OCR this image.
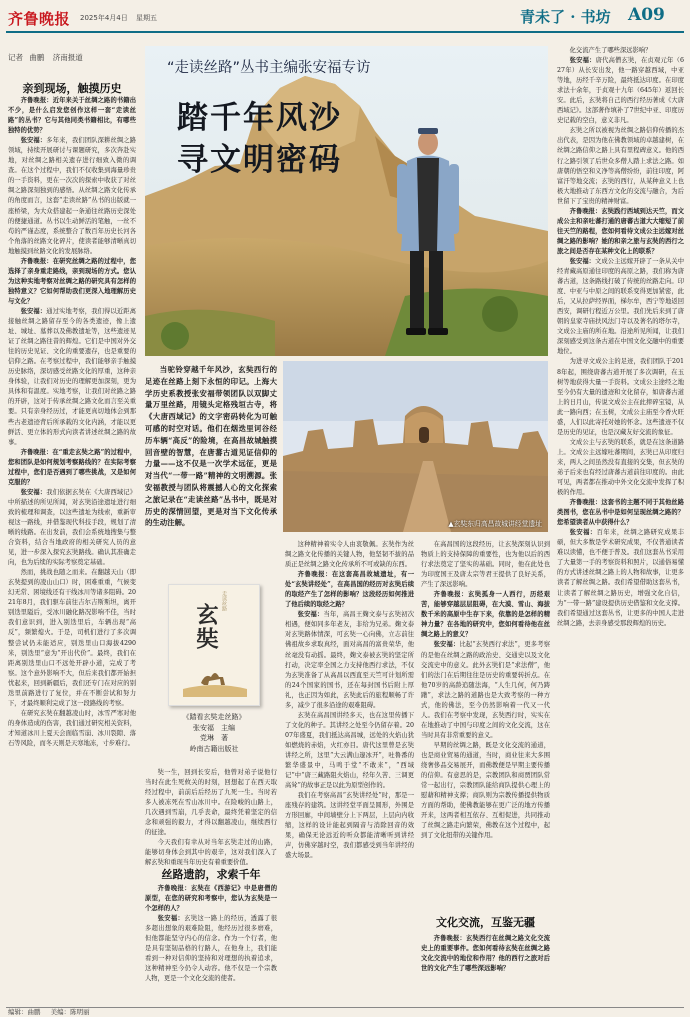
齐鲁晚报 2025年4月4日 星期五	青未了 · 书坊 A09
记者 曲鹏 济南报道
“走读丝路”丛书主编张安福专访
踏千年风沙
寻文明密码
亲到现场，触摸历史

齐鲁晚报：近年来关于丝绸之路的书籍出不少，是什么启发您创作这样一套“走读丝路”的丛书？它与其他同类书籍相比，有哪些独特的优势？

张安福：多年来，我们团队深耕丝绸之路领域，持续开展研讨与课题研究，多次奔赴实地，对丝绸之路相关遗存进行细致入微的调查。在这个过程中，我们不仅收集到海量珍贵的一手资料，更在一次次的探索中收获了对丝绸之路深刻独到的感悟。从丝绸之路文化传承的角度而言，这套“走读丝路”丛书的出版就一座桥梁，为大众搭建起一条通往丝路历史深处的便捷通道。丛书以生动鲜活的笔触，一丝不苟的严谨态度，系统整合了数百年历史长河各个角落的丝路文化碎片，使读者能够清晰真切地触摸到丝路文化的发展脉络。

齐鲁晚报：在研究丝绸之路的过程中，您选择了亲身重走路线，亲到现场的方式。您认为这种实地考察对丝绸之路的研究具有怎样的独特意义？它如何帮助我们更深入地理解历史与文化？

张安福：通过实地考察，我们得以近距离接触丝绸之路留存至今的各类遗迹，像上遗址、城址、墓葬以及佛教遗址等，这些遗迹见证了丝绸之路往昔的辉煌。它们是中国对外交往的历史见证、文化的重要遗存，也是重要的信仰之路。在考察过程中，我们能够亲手触摸历史脉络，深切感受丝路文化的厚重，这种亲身体验，让我们对历史的理解更加深刻，更为具体和有温度。实地考察，让我们对丝路之路的开辟，这对于传承丝绸之路文化而言至关重要。只有亲身经历过，才能更真切地体会到那些古老遗迹背后所承载的文化内涵，才能以更鲜活、更立体的形式向读者讲述丝绸之路的故事。

齐鲁晚报：在“重走玄奘之路”的过程中，您和团队是如何规划考察路线的？在实际考察过程中，您们是否遇到了哪些挑战，又是如何克服的？

张安福：我们依据玄奘在《大唐西域记》中所描述的所见所闻，对玄奘沿途遗址进行细致的梳理和调查，以这些遗址为线索，重新审视这一路线，并借鉴现代科技手段，规划了清晰的线路。在出发前，我们会系统地搜集与整合资料，结合当地政府的相关研究人员的意见，进一步深入探究玄奘路线。确认其准确走向，也为后续的实际考察奠定基础。

然而，挑战也随之而来。在翻越天山（即玄奘提到的凌山山口）时，困难重重，气候变幻无常、困境线还有干线冰川等诸多阻碍。2021年8月，我们驱车前往吉尔吉斯斯坦，离开别迭里隘后，受冰川融化路况影响不佳，当时我们意识到，进入别迭里后，车辆出现“高反”，频繁熄火。于是，司机们进行了多次调整尝试仍未能适应，别迭里山口海拔4290米，别迭里“意为“开出代价”。最终，我们在距离别迭里山口不远处开辟小道，完成了考察。这个意外影响不大，但后来我们都开始担忧起来，回到新疆后，我们还专门在对应的别迭里前路进行了复位，并在不断尝试和努力下，才最终顺利完成了这一段路线的考察。

在研究玄奘在翻越凌山时，冰雪严寒对他的身体造成的伤害，我们通过研究相关资料，才知道冰川上夏天会面临雪崩、冰川裂隙、落石等风险，而冬天则是天寒地冻，寸步难行。

当驼铃穿越千年风沙，玄奘西行的足迹在丝路上刻下永恒的印记。上海大学历史系教授张安福带领团队以双脚丈量万里丝路，用镜头定格残垣古寺，将《大唐西域记》的文字密码转化为可触可感的时空对话。他们在烟迭里诃谷经历车辆“高反”的险境，在高昌故城触摸回音壁的智慧，在唐蕃古道见证信仰的力量——这不仅是一次学术远征，更是对当代“一带一路”精神的文明溯源。张安福教授与团队将震撼人心的文化探索之旅记录在“走读丝路”丛书中，既是对历史的深情回望，更是对当下文化传承的生动注解。	▲玄奘东归高昌故城讲经堂遗址
走读丝路
玄奘
《踏看玄奘走丝路》
张安福　主编
党琳　著
岭南古籍出版社

奘一生，回到长安后，他曾对弟子说他行当时在此生死攸关的时刻，回想起了在西天取经过程中，前前后后经历了九死一生。当时若多人被冻死在雪山冰川中。在险峻的山路上，几次遇到雪崩，几乎丧命，最终凭着坚定的信念和顽强的毅力，才得以翻越凌山，继续西行的征途。

今天我们有幸从对当年玄奘走过的山路，能够切身体会到其中的艰辛，这对我们深入了解玄奘和重现当年历史有着重要价值。

丝路遗韵，求索千年

齐鲁晚报：玄奘在《西游记》中是唐僧的原型，在您的研究和考察中，您认为玄奘是一个怎样的人？

张安福：玄奘这一路上的经历，透露了很多超出想象的艰难险阻，他经历过很多磨难，但他都能坚守内心的信念。作为一个行者，他是具有坚韧品格的行路人，在他身上，我们能看到一种对信仰的坚持和对理想的执着追求，这种精神至今仍令人动容。他不仅是一个宗教人物，更是一个文化交流的使者。

这种精神着实令人由衷敬佩。玄奘作为丝绸之路文化传播的关键人物，他坚韧不拔的品质正是丝绸之路文化传承所不可或缺的东西。

齐鲁晚报：在这套高昌故城遗址，有一处“玄奘讲经处”，在高昌国的经历对玄奘后续的取经产生了怎样的影响？这段经历如何推进了他后续的取经之路？

张安福：当年，高昌王麹文泰与玄奘初次相遇，便如同多年老友，非给为兄弟。麹文泰对玄奘路体情深，可玄奘一心向佛，立志前往佛祖故乡求取真经，面对高昌的富贵荣华，他丝毫没有动摇。最终，麹文泰被玄奘的坚定所打动，决定率全国之力支持他西行求法，不仅为玄奘准备了从高昌以西直至天竺可计划所需的24个国家的国书，还在每封国书后附上厚礼，也正因为如此，玄奘此后的旅程顺畅了许多，减少了很多沿途的艰难阻碍。

玄奘在高昌国讲经多天，也在这里传播下了文化的种子。其讲经之处至今仍留存着。2007年盛夏，我们抵达高昌城，远处的火焰山犹如燃烧的赤焰，火红亦目。唐代这里曾是玄奘讲经之所，这里“大云满山邃冰开”，吐鲁番的繁华盛景中，马鸣于堂“不敢来”，“西域记”中“唐三藏路阻火焰山，经年久苦、三调更高耸”的故事正是以此为原型创作的。

我们在考察高昌“玄奘讲经处”时，那是一座残存的建筑。这讲经堂平面呈圆形，外围是方形回廊，中间墙壁分上下两层，上层向内收缩，这样的设计能起到隔音与消除回音的效果，确保无论远近的听众都能清晰听到讲经声，仿佛穿越时空，我们都感受到当年讲经的盛大场景。

在高昌国的这段经历，让玄奘深刻认识到物质上的支持保障的重要性，也为他以后的西行求法奠定了坚实的基础。同时，他在此处也为印度国王及唐太宗等君王提供了良好关系，产生了深远影响。

齐鲁晚报：玄奘孤身一人西行，历经艰苦，能够穿越层层阻碍，在大漠、雪山、海拔数千米的高原中生存下来，依靠的是怎样的精神力量？在各地的研究中，您如何看待他在丝绸之路上的意义？

张安福：比起“玄奘西行求法”，更多考察的是他在丝绸之路的政治史、交通史以及文化交流史中的意义。此外玄奘们是“求法僧”，他们的法门在后期往往是历史的重要转折点。在他70岁的高龄追随法海，“人生几何，何乃踌躇”，求法之路的道路也是大致考察的一种方式，他的佛法，至今仍然影响着一代又一代人。我们在考察中发现，玄奘西行时，实实在在地推动了中国与印度之间的文化交流，这在当时具有非常重要的意义。

早期的丝绸之路，既是文化交流的通道，也是商业贸易的通道，当时，商业往来大多围绕奢侈品交易展开，而佛教便是早期主要传播的信仰。有意思的是，宗教团队和商贾团队常常一起出行，宗教团队能给商队提供心理上的慰藉和精神支撑；商队则为宗教传播提供物质方面的帮助，使佛教能够在更广泛的地方传播开来，这两者相互依存、互相促进，共同推动了丝绸之路走向繁荣，佛教在这个过程中，起到了文化纽带的关键作用。

文化交流，互鉴无疆

齐鲁晚报：玄奘西行在丝绸之路文化交流史上的重要事件。您如何看待玄奘在丝绸之路文化交流中的地位和作用？他的西行之旅对后世的文化产生了哪些深远影响？

化交流产生了哪些深远影响？

张安福：唐代高僧玄奘，在贞观元年（627年）从长安出发，他一路穿越西域，中亚等地，历经千辛万险，最终抵达印度。在印度求法十余年，于贞观十九年（645年）返回长安。此后，玄奘将自己的西行经历著成《大唐西域记》。这部著作填补了7世纪中亚、印度历史记载的空白，意义非凡。

玄奘之所以被视为丝绸之路信仰传播的杰出代表，是因为他在佛教领域的卓越建树，在丝绸之路信仰之路上具有里程碑意义。他的西行之路引领了后世众多僧人踏上求法之路。如唐朝的悟空和义净等高僧纷纷，前往印度，阿富汗等地交流；玄奘的西行，从某种意义上也极大地推动了东西方文化的交流与融合，为后世留下了宝贵的精神财富。

齐鲁晚报：玄奘践行西域到达天竺，而文成公主和亲吐蕃打通的唐蕃古道大大缩短了前往天竺的路程，您如何看待文成公主远嫁对丝绸之路的影响？她的和亲之旅与玄奘的西行之旅之间是否存在某种文化上的联系？

张安福：文成公主远嫁开辟了一条从关中经青藏高原通往印度的高原之路，我们称为唐蕃古道，这条路线打破了传统的丝路走向。印度、中亚与中原之间的联系变得更加紧密，此后，又从拉萨经界面，梯尔牟，西宁等地返回西安，调研行程近万公里。我们先后来到了唐朝的皇家寺庙扶风法门寺以及著名的塔尔寺，文成公主庙的所在地。沿途所见所闻，让我们深刻感受到这条古道在中国文化交融中的重要地位。

为进寻文成公主的足迹，我们团队于2018年起，围绕唐蕃古道开展了多次调研，在玉树等地获得大量一手资料。文成公主途经之地至今仍有大量的遗迹和文化留存，如唐蕃古道上的日月山，传说文成公主在此摔碎宝镜，从此一路向西；在玉树，文成公主庙至今香火旺盛，人们以此寄托对她的怀念。这些遗迹不仅是历史的见证，也是汉藏友好交流的象征。

文成公主与玄奘的联系，就是在这条道路上。文成公主远嫁吐蕃期间，玄奘已从印度归来，两人之间虽然没有直接的交集，但玄奘的弟子后来也有经过唐蕃古道前往印度的。由此可见，两者都在推动中外文化交流中发挥了积极的作用。

齐鲁晚报：这套书的主题不同于其他丝路类图书，您在丛书中是如何呈现丝绸之路的？您希望读者从中获得什么？

张安福：百年来，丝绸之路研究成果丰硕，但大多数是学术研究成果，不仅普通读者难以读懂，也不便于普及。我们这套丛书采用了大量第一手的考察资料和照片，以通俗易懂的方式讲述丝绸之路上的人物和故事，让更多读者了解丝绸之路。我们希望借助这套丛书，让读者了解丝绸之路历史，增强文化自信，为“一带一路”建设提供历史借鉴和文化支撑。我们希望通过这套丛书，让更多的中国人走进丝绸之路，去亲身感受那段辉煌的历史。

编辑：曲鹏 美编：陈明丽
